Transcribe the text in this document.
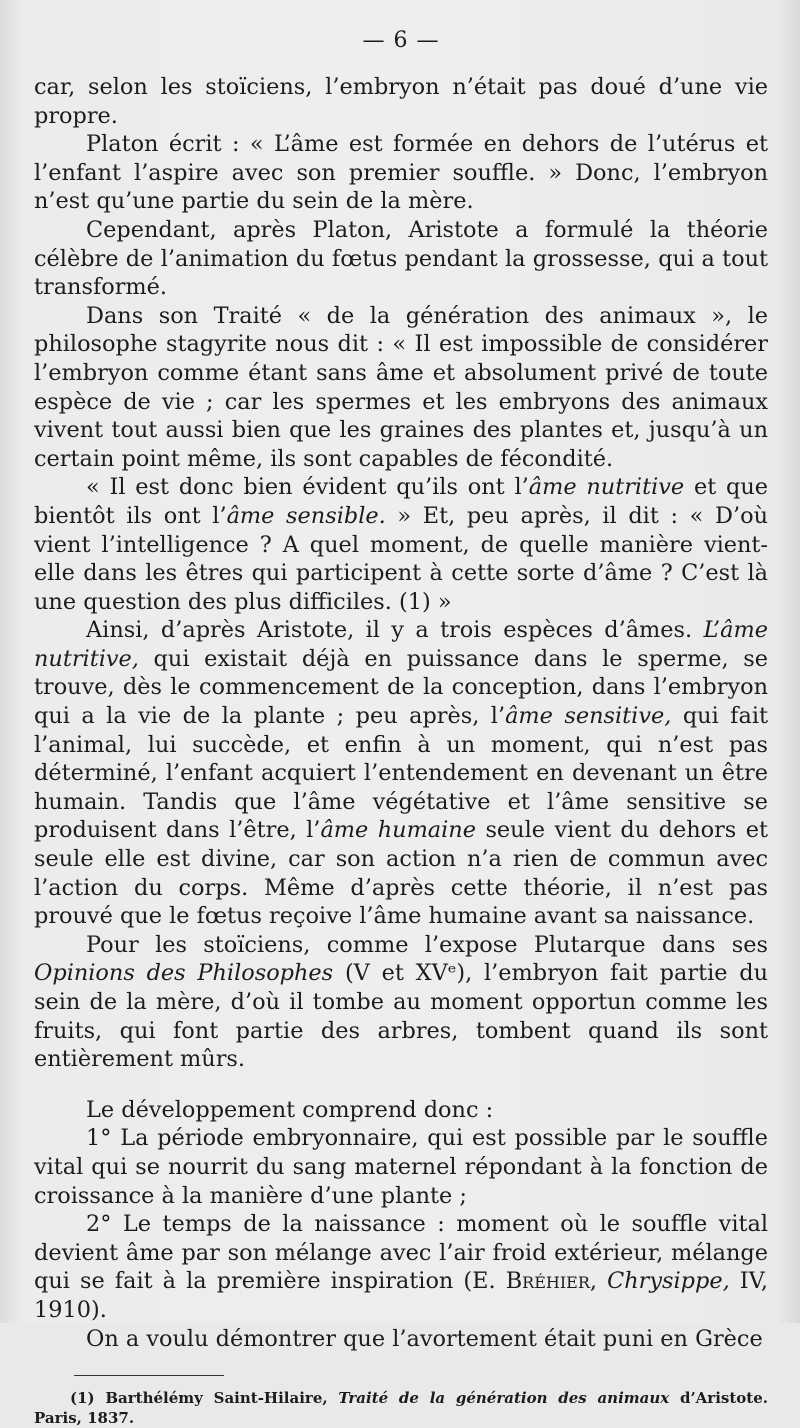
— 6 —

car, selon les stoïciens, l’embryon n’était pas doué d’une vie propre.

Platon écrit : « L’âme est formée en dehors de l’utérus et l’enfant l’aspire avec son premier souffle. » Donc, l’embryon n’est qu’une partie du sein de la mère.

Cependant, après Platon, Aristote a formulé la théorie célèbre de l’animation du fœtus pendant la grossesse, qui a tout transformé.

Dans son Traité « de la génération des animaux », le philosophe stagyrite nous dit : « Il est impossible de considérer l’embryon comme étant sans âme et absolument privé de toute espèce de vie ; car les spermes et les embryons des animaux vivent tout aussi bien que les graines des plantes et, jusqu’à un certain point même, ils sont capables de fécondité.

« Il est donc bien évident qu’ils ont l’âme nutritive et que bientôt ils ont l’âme sensible. » Et, peu après, il dit : « D’où vient l’intelligence ? A quel moment, de quelle manière vient-elle dans les êtres qui participent à cette sorte d’âme ? C’est là une question des plus difficiles. (1) »

Ainsi, d’après Aristote, il y a trois espèces d’âmes. L’âme nutritive, qui existait déjà en puissance dans le sperme, se trouve, dès le commencement de la conception, dans l’embryon qui a la vie de la plante ; peu après, l’âme sensitive, qui fait l’animal, lui succède, et enfin à un moment, qui n’est pas déterminé, l’enfant acquiert l’entendement en devenant un être humain. Tandis que l’âme végétative et l’âme sensitive se produisent dans l’être, l’âme humaine seule vient du dehors et seule elle est divine, car son action n’a rien de commun avec l’action du corps. Même d’après cette théorie, il n’est pas prouvé que le fœtus reçoive l’âme humaine avant sa naissance.

Pour les stoïciens, comme l’expose Plutarque dans ses Opinions des Philosophes (V et XVᵉ), l’embryon fait partie du sein de la mère, d’où il tombe au moment opportun comme les fruits, qui font partie des arbres, tombent quand ils sont entièrement mûrs.

Le développement comprend donc :

1° La période embryonnaire, qui est possible par le souffle vital qui se nourrit du sang maternel répondant à la fonction de croissance à la manière d’une plante ;

2° Le temps de la naissance : moment où le souffle vital devient âme par son mélange avec l’air froid extérieur, mélange qui se fait à la première inspiration (E. Bréhier, Chrysippe, IV, 1910).

On a voulu démontrer que l’avortement était puni en Grèce

(1) Barthélémy Saint-Hilaire, Traité de la génération des animaux d’Aristote. Paris, 1837.
